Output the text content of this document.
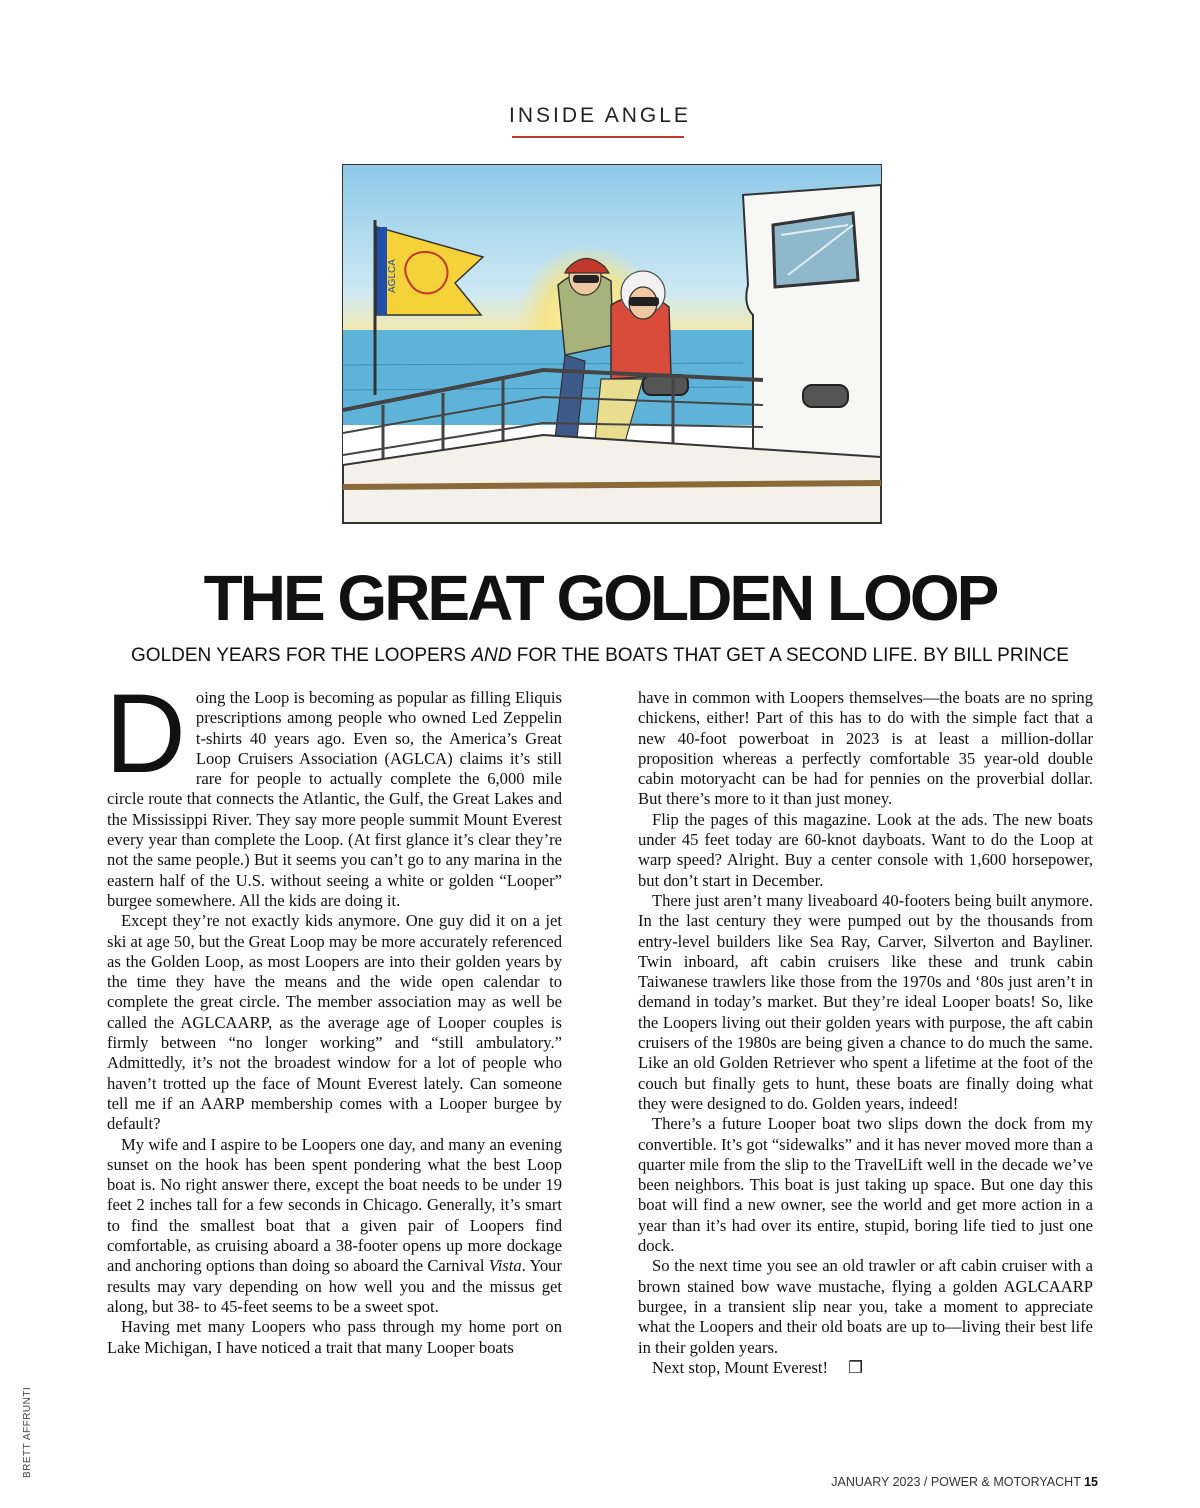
INSIDE ANGLE
AGLCA
THE GREAT GOLDEN LOOP
GOLDEN YEARS FOR THE LOOPERS AND FOR THE BOATS THAT GET A SECOND LIFE. BY BILL PRINCE

Doing the Loop is becoming as popular as filling Eliquis prescriptions among people who owned Led Zeppelin t-shirts 40 years ago. Even so, the America’s Great Loop Cruisers Association (AGLCA) claims it’s still rare for people to actually complete the 6,000 mile circle route that connects the Atlantic, the Gulf, the Great Lakes and the Mississippi River. They say more people summit Mount Everest every year than complete the Loop. (At first glance it’s clear they’re not the same people.) But it seems you can’t go to any marina in the eastern half of the U.S. without seeing a white or golden “Looper” burgee somewhere. All the kids are doing it.

Except they’re not exactly kids anymore. One guy did it on a jet ski at age 50, but the Great Loop may be more accurately referenced as the Golden Loop, as most Loopers are into their golden years by the time they have the means and the wide open calendar to complete the great circle. The member association may as well be called the AGLCAARP, as the average age of Looper couples is firmly between “no longer working” and “still ambulatory.” Admittedly, it’s not the broadest window for a lot of people who haven’t trotted up the face of Mount Everest lately. Can someone tell me if an AARP membership comes with a Looper burgee by default?

My wife and I aspire to be Loopers one day, and many an evening sunset on the hook has been spent pondering what the best Loop boat is. No right answer there, except the boat needs to be under 19 feet 2 inches tall for a few seconds in Chicago. Generally, it’s smart to find the smallest boat that a given pair of Loopers find comfortable, as cruising aboard a 38-footer opens up more dockage and anchoring options than doing so aboard the Carnival Vista. Your results may vary depending on how well you and the missus get along, but 38- to 45-feet seems to be a sweet spot.

Having met many Loopers who pass through my home port on Lake Michigan, I have noticed a trait that many Looper boats

have in common with Loopers themselves—the boats are no spring chickens, either! Part of this has to do with the simple fact that a new 40-foot powerboat in 2023 is at least a million-dollar proposition whereas a perfectly comfortable 35 year-old double cabin motoryacht can be had for pennies on the proverbial dollar. But there’s more to it than just money.

Flip the pages of this magazine. Look at the ads. The new boats under 45 feet today are 60-knot dayboats. Want to do the Loop at warp speed? Alright. Buy a center console with 1,600 horsepower, but don’t start in December.

There just aren’t many liveaboard 40-footers being built anymore. In the last century they were pumped out by the thousands from entry-level builders like Sea Ray, Carver, Silverton and Bayliner. Twin inboard, aft cabin cruisers like these and trunk cabin Taiwanese trawlers like those from the 1970s and ‘80s just aren’t in demand in today’s market. But they’re ideal Looper boats! So, like the Loopers living out their golden years with purpose, the aft cabin cruisers of the 1980s are being given a chance to do much the same. Like an old Golden Retriever who spent a lifetime at the foot of the couch but finally gets to hunt, these boats are finally doing what they were designed to do. Golden years, indeed!

There’s a future Looper boat two slips down the dock from my convertible. It’s got “sidewalks” and it has never moved more than a quarter mile from the slip to the TravelLift well in the decade we’ve been neighbors. This boat is just taking up space. But one day this boat will find a new owner, see the world and get more action in a year than it’s had over its entire, stupid, boring life tied to just one dock.

So the next time you see an old trawler or aft cabin cruiser with a brown stained bow wave mustache, flying a golden AGLCAARP burgee, in a transient slip near you, take a moment to appreciate what the Loopers and their old boats are up to—living their best life in their golden years.

Next stop, Mount Everest! ❒

BRETT AFFRUNTI
JANUARY 2023 / POWER & MOTORYACHT 15
